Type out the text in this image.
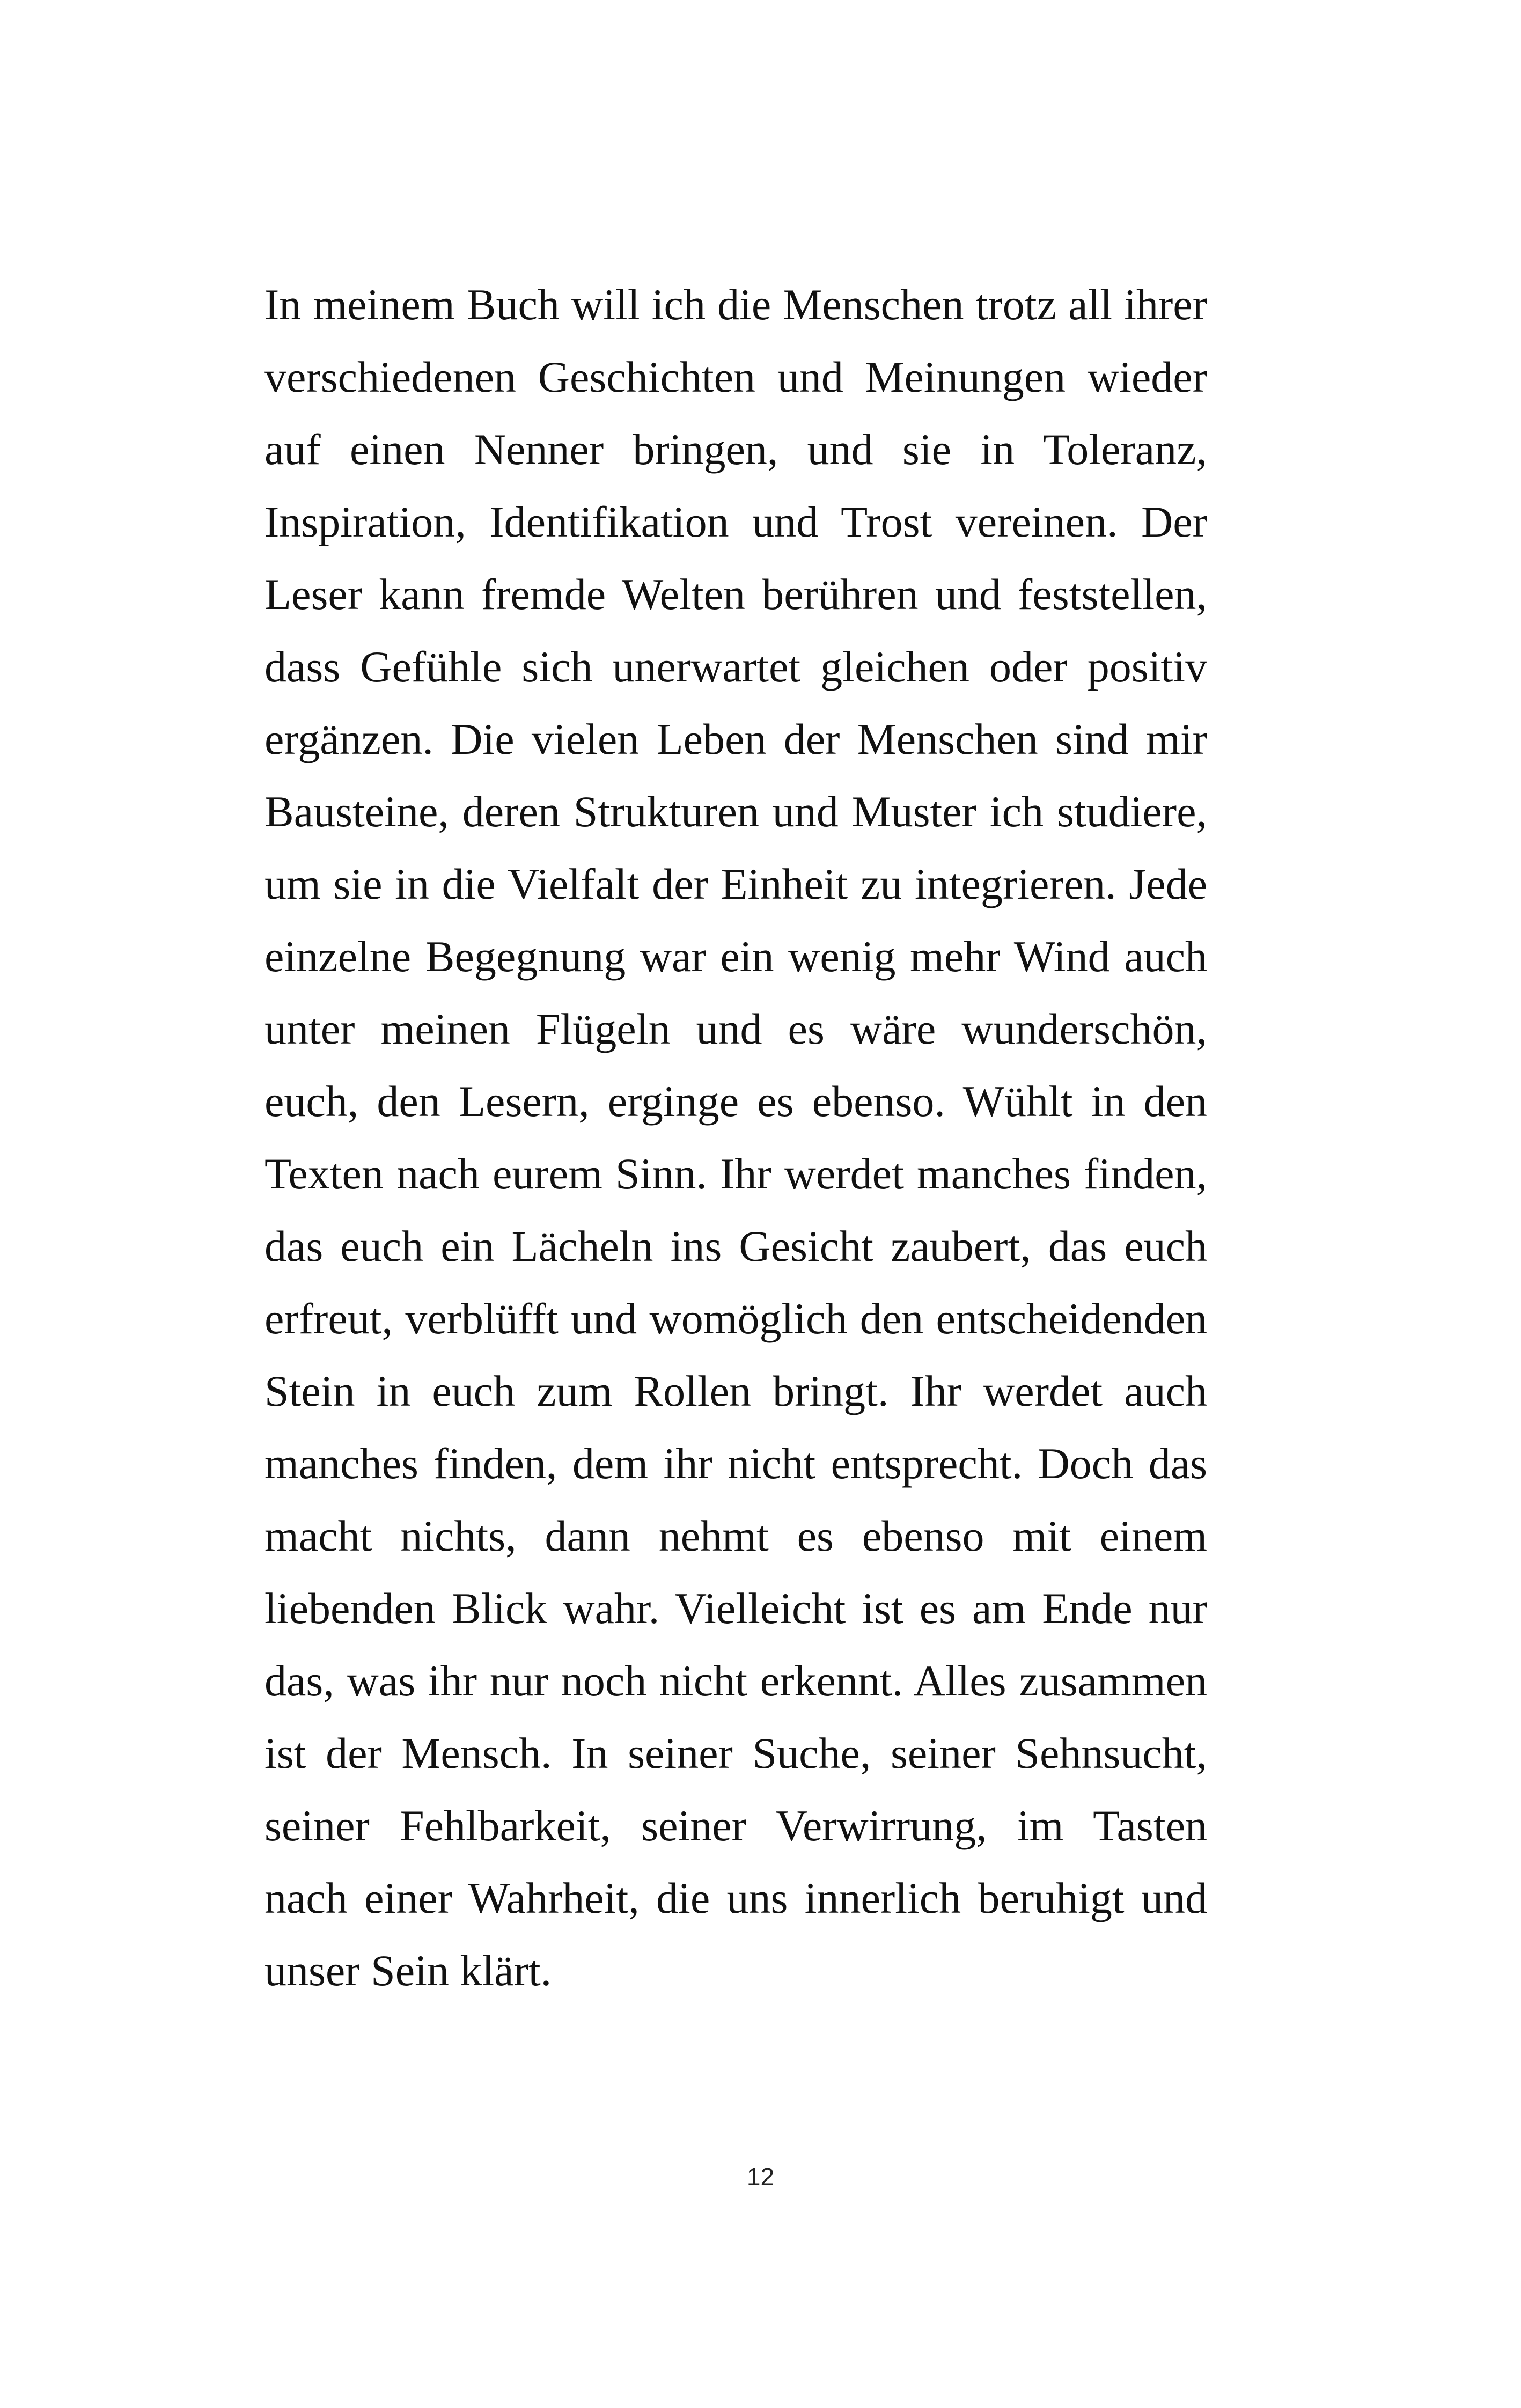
In meinem Buch will ich die Menschen trotz all ihrer
verschiedenen Geschichten und Meinungen wieder
auf einen Nenner bringen, und sie in Toleranz,
Inspiration, Identifikation und Trost vereinen. Der
Leser kann fremde Welten berühren und feststellen,
dass Gefühle sich unerwartet gleichen oder positiv
ergänzen. Die vielen Leben der Menschen sind mir
Bausteine, deren Strukturen und Muster ich studiere,
um sie in die Vielfalt der Einheit zu integrieren. Jede
einzelne Begegnung war ein wenig mehr Wind auch
unter meinen Flügeln und es wäre wunderschön,
euch, den Lesern, erginge es ebenso. Wühlt in den
Texten nach eurem Sinn. Ihr werdet manches finden,
das euch ein Lächeln ins Gesicht zaubert, das euch
erfreut, verblüfft und womöglich den entscheidenden
Stein in euch zum Rollen bringt. Ihr werdet auch
manches finden, dem ihr nicht entsprecht. Doch das
macht nichts, dann nehmt es ebenso mit einem
liebenden Blick wahr. Vielleicht ist es am Ende nur
das, was ihr nur noch nicht erkennt. Alles zusammen
ist der Mensch. In seiner Suche, seiner Sehnsucht,
seiner Fehlbarkeit, seiner Verwirrung, im Tasten
nach einer Wahrheit, die uns innerlich beruhigt und
unser Sein klärt.

12
